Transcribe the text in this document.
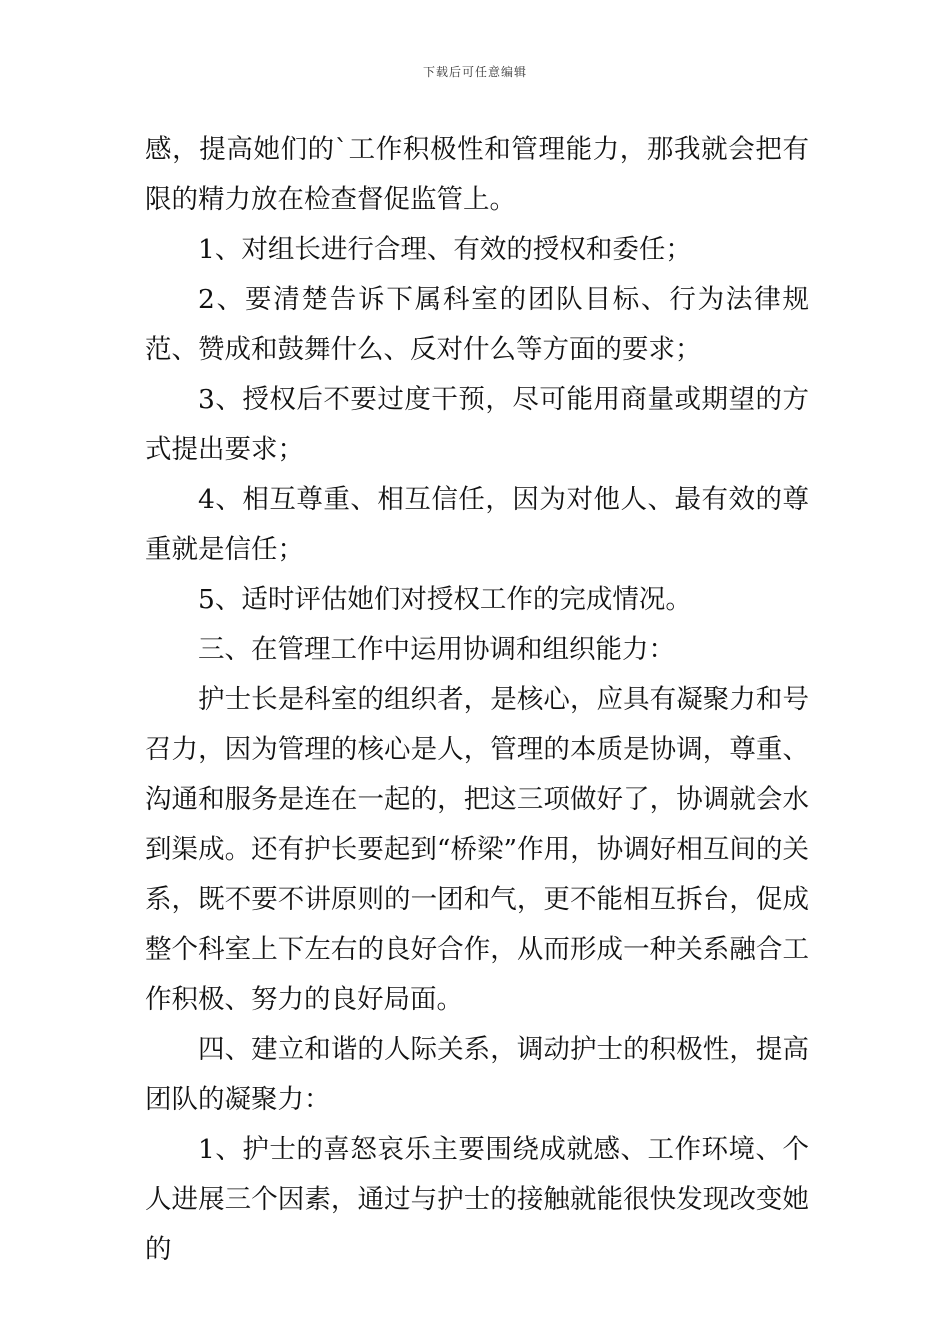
下载后可任意编辑

感，提高她们的`工作积极性和管理能力，那我就会把有限的精力放在检查督促监管上。

1、对组长进行合理、有效的授权和委任；

2、要清楚告诉下属科室的团队目标、行为法律规范、赞成和鼓舞什么、反对什么等方面的要求；

3、授权后不要过度干预，尽可能用商量或期望的方式提出要求；

4、相互尊重、相互信任，因为对他人、最有效的尊重就是信任；

5、适时评估她们对授权工作的完成情况。

三、在管理工作中运用协调和组织能力：

护士长是科室的组织者，是核心，应具有凝聚力和号召力，因为管理的核心是人，管理的本质是协调，尊重、沟通和服务是连在一起的，把这三项做好了，协调就会水到渠成。还有护长要起到“桥梁”作用，协调好相互间的关系，既不要不讲原则的一团和气，更不能相互拆台，促成整个科室上下左右的良好合作，从而形成一种关系融合工作积极、努力的良好局面。

四、建立和谐的人际关系，调动护士的积极性，提高团队的凝聚力：

1、护士的喜怒哀乐主要围绕成就感、工作环境、个人进展三个因素，通过与护士的接触就能很快发现改变她的
